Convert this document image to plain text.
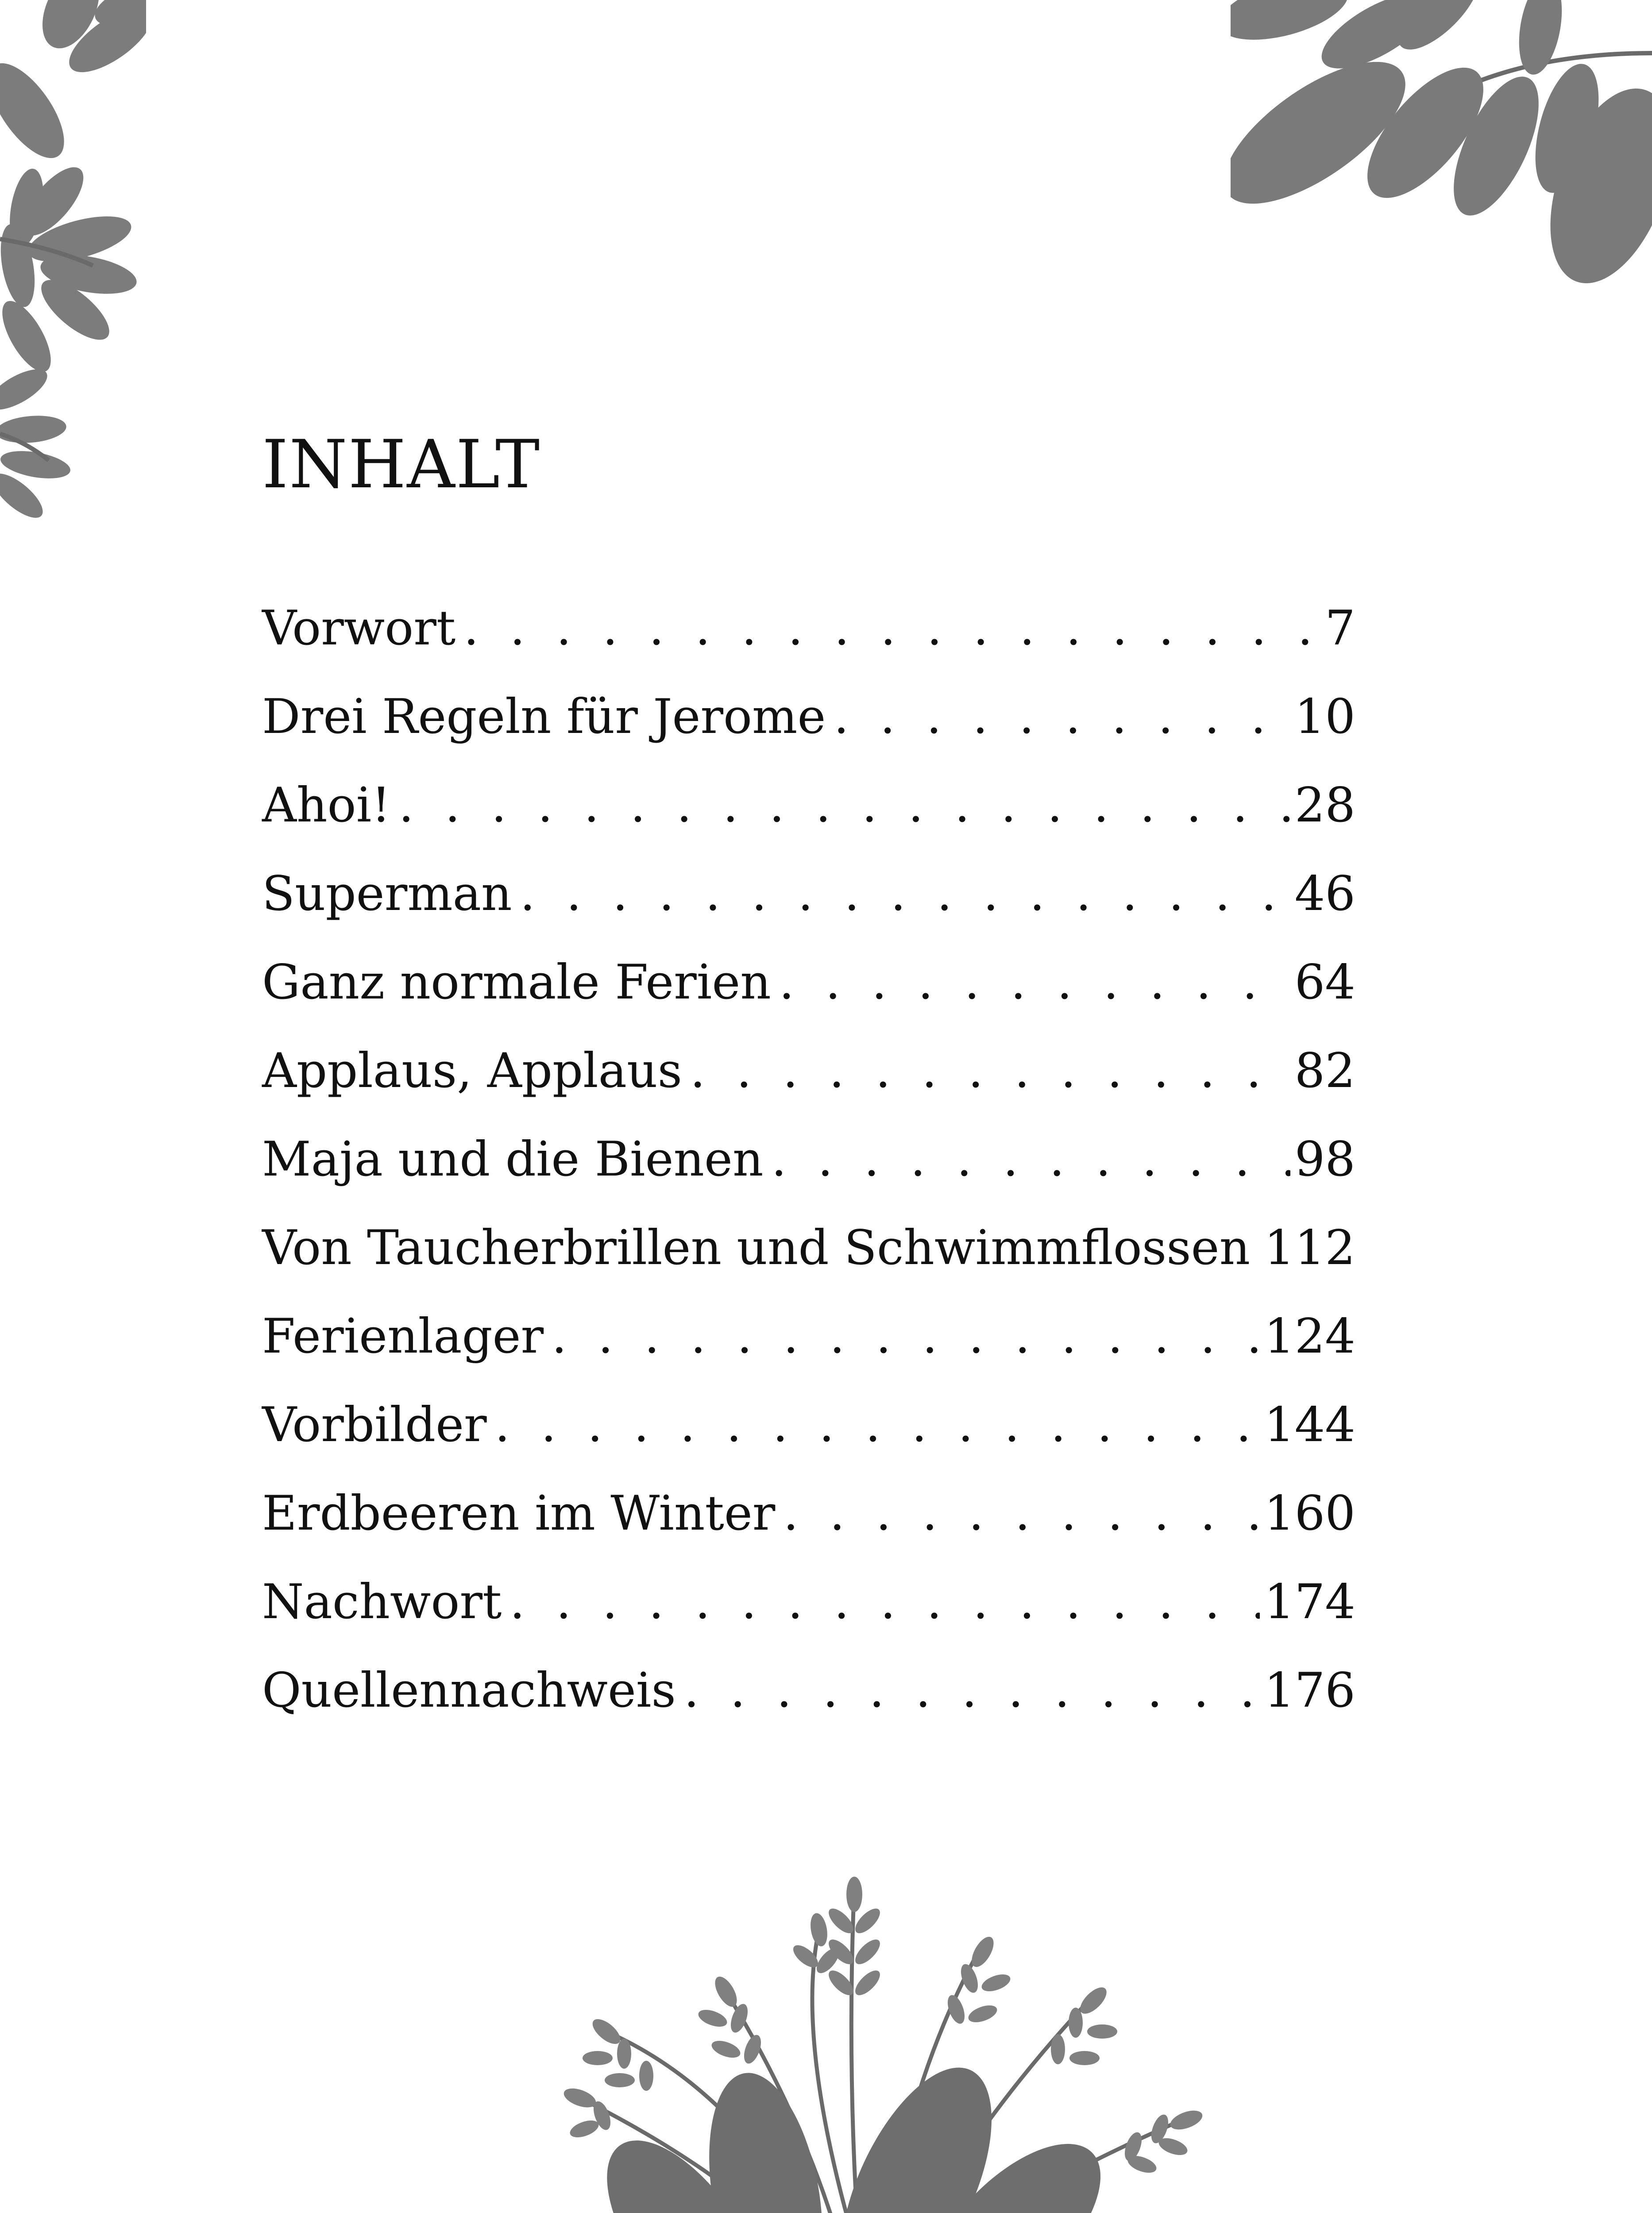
INHALT
Vorwort . . .	7
Drei Regeln für Jerome . . .	10
Ahoi! . . .	28
Superman . . .	46
Ganz normale Ferien . . .	64
Applaus, Applaus . . .	82
Maja und die Bienen . . .	98
Von Taucherbrillen und Schwimmflossen . . . 112
Ferienlager . . .	124
Vorbilder . . .	144
Erdbeeren im Winter . . .	160
Nachwort . . .	174
Quellennachweis . . .	176
